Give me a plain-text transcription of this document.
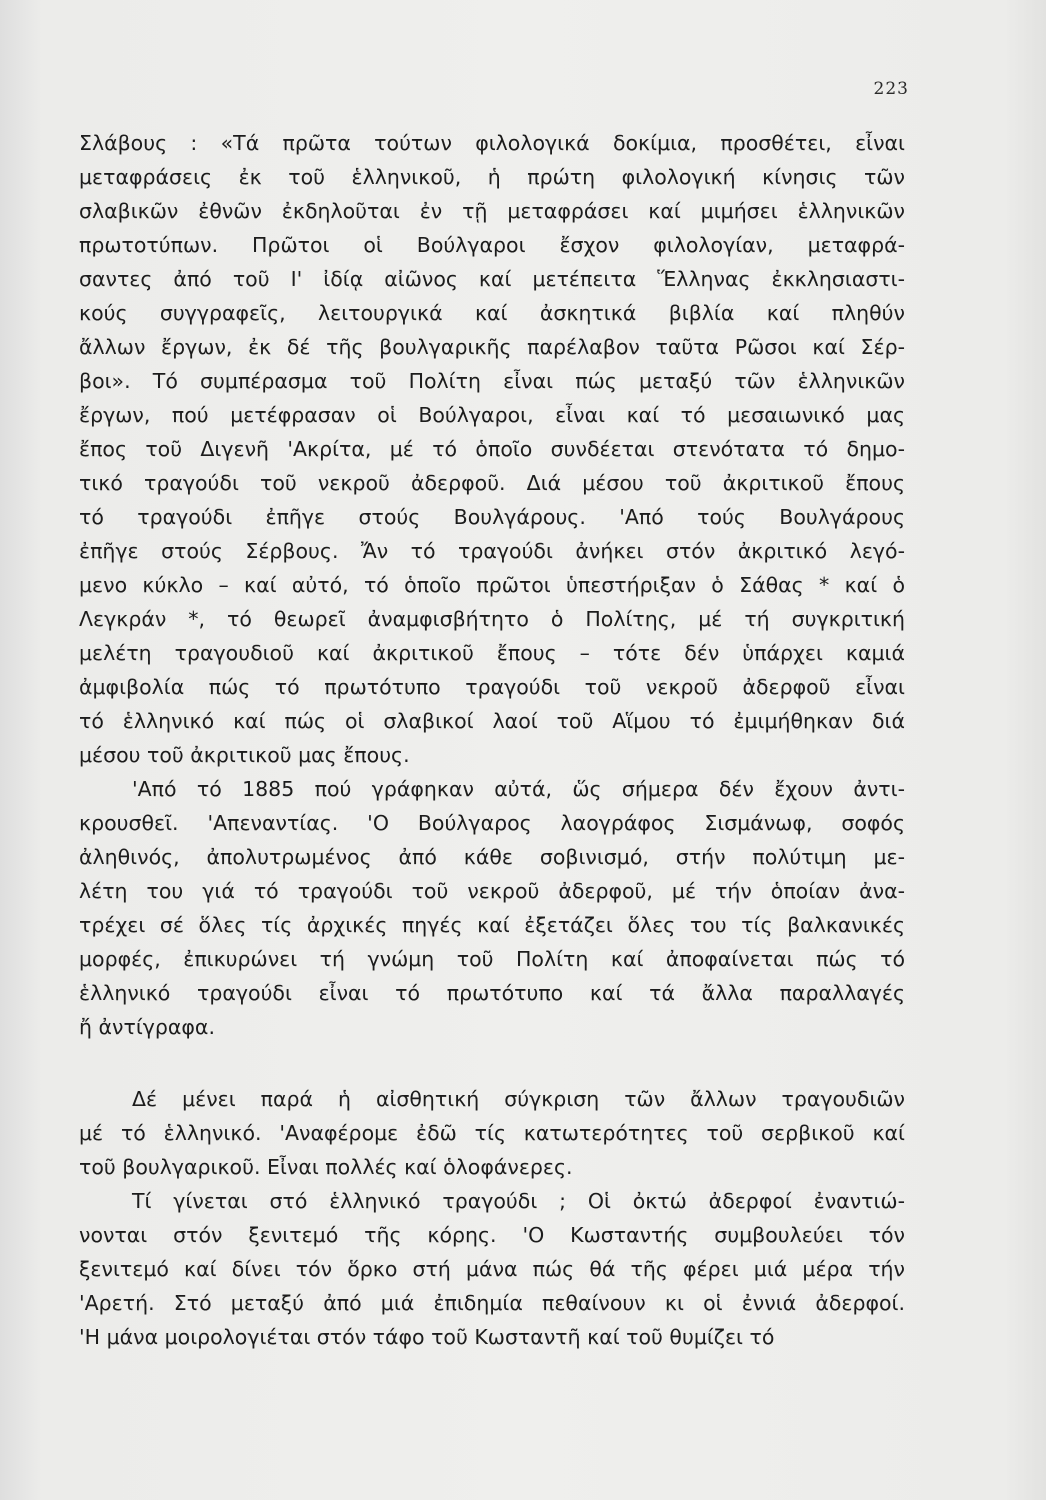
223
Σλάβους : «Τά πρῶτα τούτων φιλολογικά δοκίμια, προσθέτει, εἶναι
μεταφράσεις ἐκ τοῦ ἑλληνικοῦ, ἡ πρώτη φιλολογική κίνησις τῶν
σλαβικῶν ἐθνῶν ἐκδηλοῦται ἐν τῇ μεταφράσει καί μιμήσει ἑλληνικῶν
πρωτοτύπων. Πρῶτοι οἱ Βούλγαροι ἔσχον φιλολογίαν, μεταφρά-
σαντες ἀπό τοῦ Ι' ἰδίᾳ αἰῶνος καί μετέπειτα Ἕλληνας ἐκκλησιαστι-
κούς συγγραφεῖς, λειτουργικά καί ἀσκητικά βιβλία καί πληθύν
ἄλλων ἔργων, ἐκ δέ τῆς βουλγαρικῆς παρέλαβον ταῦτα Ρῶσοι καί Σέρ-
βοι». Τό συμπέρασμα τοῦ Πολίτη εἶναι πώς μεταξύ τῶν ἑλληνικῶν
ἔργων, πού μετέφρασαν οἱ Βούλγαροι, εἶναι καί τό μεσαιωνικό μας
ἔπος τοῦ Διγενῆ 'Ακρίτα, μέ τό ὁποῖο συνδέεται στενότατα τό δημο-
τικό τραγούδι τοῦ νεκροῦ ἀδερφοῦ. Διά μέσου τοῦ ἀκριτικοῦ ἔπους
τό τραγούδι ἐπῆγε στούς Βουλγάρους. 'Από τούς Βουλγάρους
ἐπῆγε στούς Σέρβους. Ἄν τό τραγούδι ἀνήκει στόν ἀκριτικό λεγό-
μενο κύκλο – καί αὐτό, τό ὁποῖο πρῶτοι ὑπεστήριξαν ὁ Σάθας * καί ὁ
Λεγκράν *, τό θεωρεῖ ἀναμφισβήτητο ὁ Πολίτης, μέ τή συγκριτική
μελέτη τραγουδιοῦ καί ἀκριτικοῦ ἔπους – τότε δέν ὑπάρχει καμιά
ἀμφιβολία πώς τό πρωτότυπο τραγούδι τοῦ νεκροῦ ἀδερφοῦ εἶναι
τό ἑλληνικό καί πώς οἱ σλαβικοί λαοί τοῦ Αἵμου τό ἐμιμήθηκαν διά
μέσου τοῦ ἀκριτικοῦ μας ἔπους.
'Από τό 1885 πού γράφηκαν αὐτά, ὥς σήμερα δέν ἔχουν ἀντι-
κρουσθεῖ. 'Απεναντίας. 'Ο Βούλγαρος λαογράφος Σισμάνωφ, σοφός
ἀληθινός, ἀπολυτρωμένος ἀπό κάθε σοβινισμό, στήν πολύτιμη με-
λέτη του γιά τό τραγούδι τοῦ νεκροῦ ἀδερφοῦ, μέ τήν ὁποίαν ἀνα-
τρέχει σέ ὅλες τίς ἀρχικές πηγές καί ἐξετάζει ὅλες του τίς βαλκανικές
μορφές, ἐπικυρώνει τή γνώμη τοῦ Πολίτη καί ἀποφαίνεται πώς τό
ἑλληνικό τραγούδι εἶναι τό πρωτότυπο καί τά ἄλλα παραλλαγές
ἤ ἀντίγραφα.
Δέ μένει παρά ἡ αἰσθητική σύγκριση τῶν ἄλλων τραγουδιῶν
μέ τό ἑλληνικό. 'Αναφέρομε ἐδῶ τίς κατωτερότητες τοῦ σερβικοῦ καί
τοῦ βουλγαρικοῦ. Εἶναι πολλές καί ὁλοφάνερες.
Τί γίνεται στό ἑλληνικό τραγούδι ; Οἱ ὀκτώ ἀδερφοί ἐναντιώ-
νονται στόν ξενιτεμό τῆς κόρης. 'Ο Κωσταντής συμβουλεύει τόν
ξενιτεμό καί δίνει τόν ὅρκο στή μάνα πώς θά τῆς φέρει μιά μέρα τήν
'Αρετή. Στό μεταξύ ἀπό μιά ἐπιδημία πεθαίνουν κι οἱ ἐννιά ἀδερφοί.
'Η μάνα μοιρολογιέται στόν τάφο τοῦ Κωσταντῆ καί τοῦ θυμίζει τό
